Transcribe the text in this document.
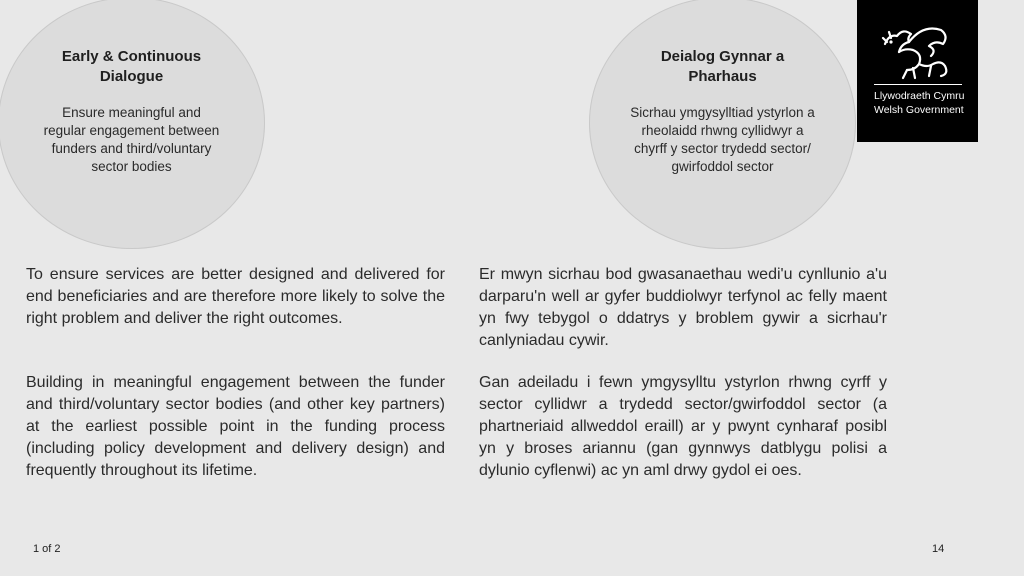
Early & Continuous Dialogue
Ensure meaningful and regular engagement between funders and third/voluntary sector bodies
Deialog Gynnar a Pharhaus
Sicrhau ymgysylltiad ystyrlon a rheolaidd rhwng cyllidwyr a chyrff y sector trydedd sector/ gwirfoddol sector
Llywodraeth Cymru
Welsh Government

To ensure services are better designed and delivered for end beneficiaries and are therefore more likely to solve the right problem and deliver the right outcomes.

Building in meaningful engagement between the funder and third/voluntary sector bodies (and other key partners) at the earliest possible point in the funding process (including policy development and delivery design) and frequently throughout its lifetime.

Er mwyn sicrhau bod gwasanaethau wedi'u cynllunio a'u darparu'n well ar gyfer buddiolwyr terfynol ac felly maent yn fwy tebygol o ddatrys y broblem gywir a sicrhau'r canlyniadau cywir.

Gan adeiladu i fewn ymgysylltu ystyrlon rhwng cyrff y sector cyllidwr a trydedd sector/gwirfoddol sector (a phartneriaid allweddol eraill) ar y pwynt cynharaf posibl yn y broses ariannu (gan gynnwys datblygu polisi a dylunio cyflenwi) ac yn aml drwy gydol ei oes.

1 of 2	14
